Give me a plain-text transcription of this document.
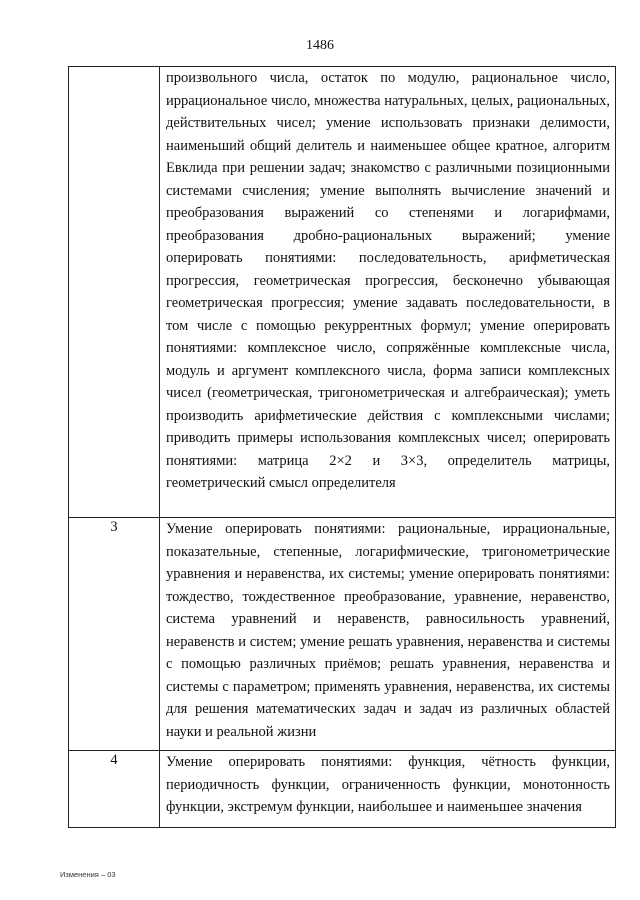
1486
	произвольного числа, остаток по модулю, рациональное число, иррациональное число, множества натуральных, целых, рациональных, действительных чисел; умение использовать признаки делимости, наименьший общий делитель и наименьшее общее кратное, алгоритм Евклида при решении задач; знакомство с различными позиционными системами счисления; умение выполнять вычисление значений и преобразования выражений со степенями и логарифмами, преобразования дробно-рациональных выражений; умение оперировать понятиями: последовательность, арифметическая прогрессия, геометрическая прогрессия, бесконечно убывающая геометрическая прогрессия; умение задавать последовательности, в том числе с помощью рекуррентных формул; умение оперировать понятиями: комплексное число, сопряжённые комплексные числа, модуль и аргумент комплексного числа, форма записи комплексных чисел (геометрическая, тригонометрическая и алгебраическая); уметь производить арифметические действия с комплексными числами; приводить примеры использования комплексных чисел; оперировать понятиями: матрица 2×2 и 3×3, определитель матрицы, геометрический смысл определителя

3	Умение оперировать понятиями: рациональные, иррациональные, показательные, степенные, логарифмические, тригонометрические уравнения и неравенства, их системы; умение оперировать понятиями: тождество, тождественное преобразование, уравнение, неравенство, система уравнений и неравенств, равносильность уравнений, неравенств и систем; умение решать уравнения, неравенства и системы с помощью различных приёмов; решать уравнения, неравенства и системы с параметром; применять уравнения, неравенства, их системы для решения математических задач и задач из различных областей науки и реальной жизни

4	Умение оперировать понятиями: функция, чётность функции, периодичность функции, ограниченность функции, монотонность функции, экстремум функции, наибольшее и наименьшее значения
Изменения – 03
